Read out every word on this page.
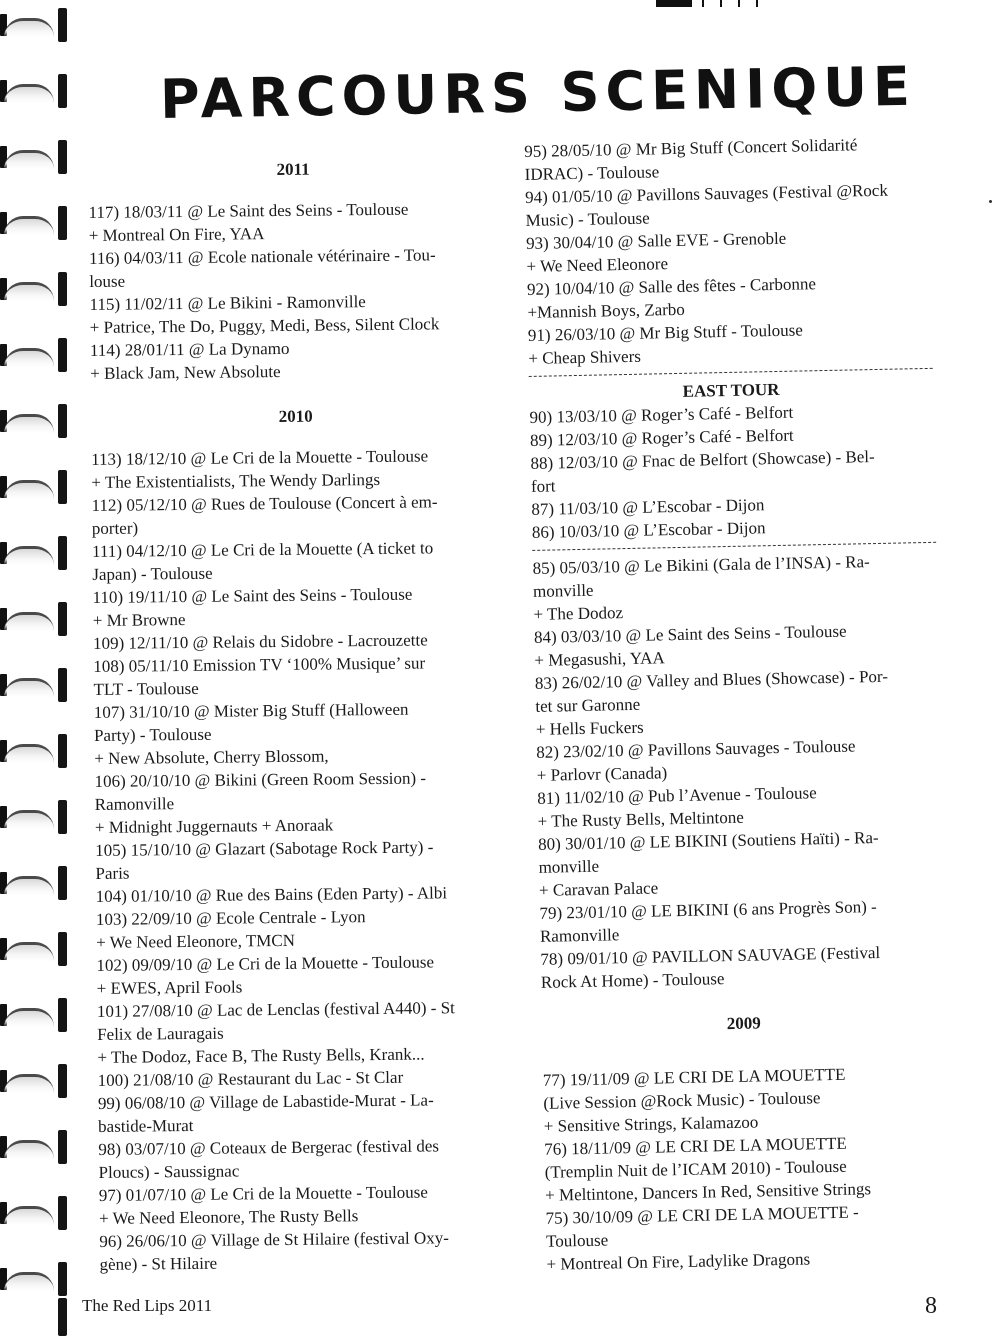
PARCOURS SCENIQUE
2011
117) 18/03/11 @ Le Saint des Seins - Toulouse
+ Montreal On Fire, YAA
116) 04/03/11 @ Ecole nationale vétérinaire - Tou-
louse
115) 11/02/11 @ Le Bikini - Ramonville
+ Patrice, The Do, Puggy, Medi, Bess, Silent Clock
114) 28/01/11 @ La Dynamo
+ Black Jam, New Absolute
2010
113) 18/12/10 @ Le Cri de la Mouette - Toulouse
+ The Existentialists, The Wendy Darlings
112) 05/12/10 @ Rues de Toulouse (Concert à em-
porter)
111) 04/12/10 @ Le Cri de la Mouette (A ticket to
Japan) - Toulouse
110) 19/11/10 @ Le Saint des Seins - Toulouse
+ Mr Browne
109) 12/11/10 @ Relais du Sidobre - Lacrouzette
108) 05/11/10 Emission TV ‘100% Musique’ sur
TLT - Toulouse
107) 31/10/10 @ Mister Big Stuff (Halloween
Party) - Toulouse
+ New Absolute, Cherry Blossom,
106) 20/10/10 @ Bikini (Green Room Session) -
Ramonville
+ Midnight Juggernauts + Anoraak
105) 15/10/10 @ Glazart (Sabotage Rock Party) -
Paris
104) 01/10/10 @ Rue des Bains (Eden Party) - Albi
103) 22/09/10 @ Ecole Centrale - Lyon
+ We Need Eleonore, TMCN
102) 09/09/10 @ Le Cri de la Mouette - Toulouse
+ EWES, April Fools
101) 27/08/10 @ Lac de Lenclas (festival A440) - St
Felix de Lauragais
+ The Dodoz, Face B, The Rusty Bells, Krank...
100) 21/08/10 @ Restaurant du Lac - St Clar
99) 06/08/10 @ Village de Labastide-Murat - La-
bastide-Murat
98) 03/07/10 @ Coteaux de Bergerac (festival des
Ploucs) - Saussignac
97) 01/07/10 @ Le Cri de la Mouette - Toulouse
+ We Need Eleonore, The Rusty Bells
96) 26/06/10 @ Village de St Hilaire (festival Oxy-
gène) - St Hilaire
95) 28/05/10 @ Mr Big Stuff (Concert Solidarité
IDRAC) - Toulouse
94) 01/05/10 @ Pavillons Sauvages (Festival @Rock
Music) - Toulouse
93) 30/04/10 @ Salle EVE - Grenoble
+ We Need Eleonore
92) 10/04/10 @ Salle des fêtes - Carbonne
+Mannish Boys, Zarbo
91) 26/03/10 @ Mr Big Stuff - Toulouse
+ Cheap Shivers
EAST TOUR
90) 13/03/10 @ Roger’s Café - Belfort
89) 12/03/10 @ Roger’s Café - Belfort
88) 12/03/10 @ Fnac de Belfort (Showcase) - Bel-
fort
87) 11/03/10 @ L’Escobar - Dijon
86) 10/03/10 @ L’Escobar - Dijon
85) 05/03/10 @ Le Bikini (Gala de l’INSA) - Ra-
monville
+ The Dodoz
84) 03/03/10 @ Le Saint des Seins - Toulouse
+ Megasushi, YAA
83) 26/02/10 @ Valley and Blues (Showcase) - Por-
tet sur Garonne
+ Hells Fuckers
82) 23/02/10 @ Pavillons Sauvages - Toulouse
+ Parlovr (Canada)
81) 11/02/10 @ Pub l’Avenue - Toulouse
+ The Rusty Bells, Meltintone
80) 30/01/10 @ LE BIKINI (Soutiens Haïti) - Ra-
monville
+ Caravan Palace
79) 23/01/10 @ LE BIKINI (6 ans Progrès Son) -
Ramonville
78) 09/01/10 @ PAVILLON SAUVAGE (Festival
Rock At Home) - Toulouse
2009
77) 19/11/09 @ LE CRI DE LA MOUETTE
(Live Session @Rock Music) - Toulouse
+ Sensitive Strings, Kalamazoo
76) 18/11/09 @ LE CRI DE LA MOUETTE
(Tremplin Nuit de l’ICAM 2010) - Toulouse
+ Meltintone, Dancers In Red, Sensitive Strings
75) 30/10/09 @ LE CRI DE LA MOUETTE -
Toulouse
+ Montreal On Fire, Ladylike Dragons
The Red Lips 2011	8
